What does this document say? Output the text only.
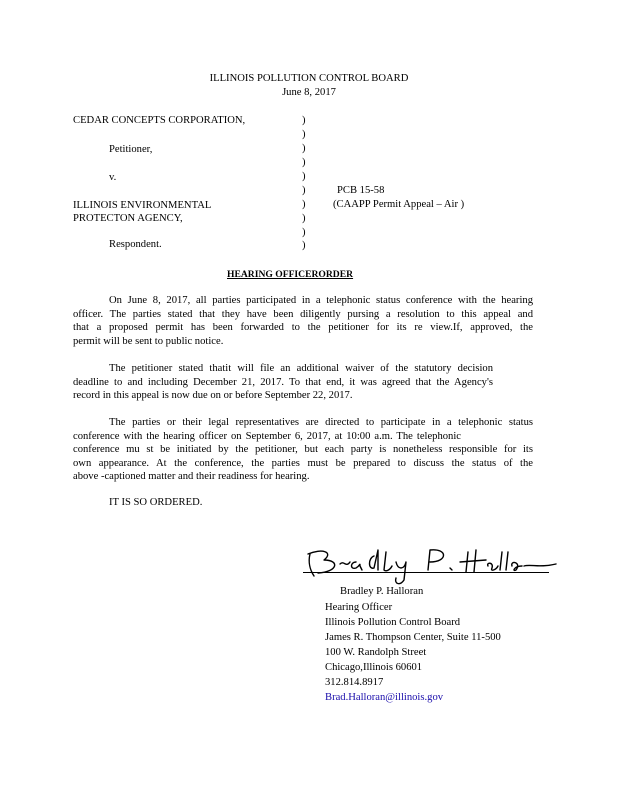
ILLINOIS POLLUTION CONTROL BOARD
June 8, 2017
CEDAR CONCEPTS CORPORATION,
Petitioner,
v.
ILLINOIS ENVIRONMENTAL
PROTECTON AGENCY,
Respondent.
)
)
)
)
)
)
)
)
)
)
PCB 15-58
(CAAPP Permit Appeal – Air )
HEARING OFFICERORDER
On June 8, 2017, all parties participated in a telephonic status conference with the hearing
officer. The parties stated that they have been diligently pursing a resolution to this appeal and
that a proposed permit has been forwarded to the petitioner for its re view.If, approved, the
permit will be sent to public notice.
The petitioner stated thatit will file an additional waiver of the statutory decision
deadline to and including December 21, 2017. To that end, it was agreed that the Agency's
record in this appeal is now due on or before September 22, 2017.
The parties or their legal representatives are directed to participate in a telephonic status
conference with the hearing officer on September 6, 2017, at 10:00 a.m. The telephonic
conference mu st be initiated by the petitioner, but each party is nonetheless responsible for its
own appearance. At the conference, the parties must be prepared to discuss the status of the
above -captioned matter and their readiness for hearing.
IT IS SO ORDERED.
Bradley P. Halloran
Hearing Officer
Illinois Pollution Control Board
James R. Thompson Center, Suite 11-500
100 W. Randolph Street
Chicago,Illinois 60601
312.814.8917
Brad.Halloran@illinois.gov
